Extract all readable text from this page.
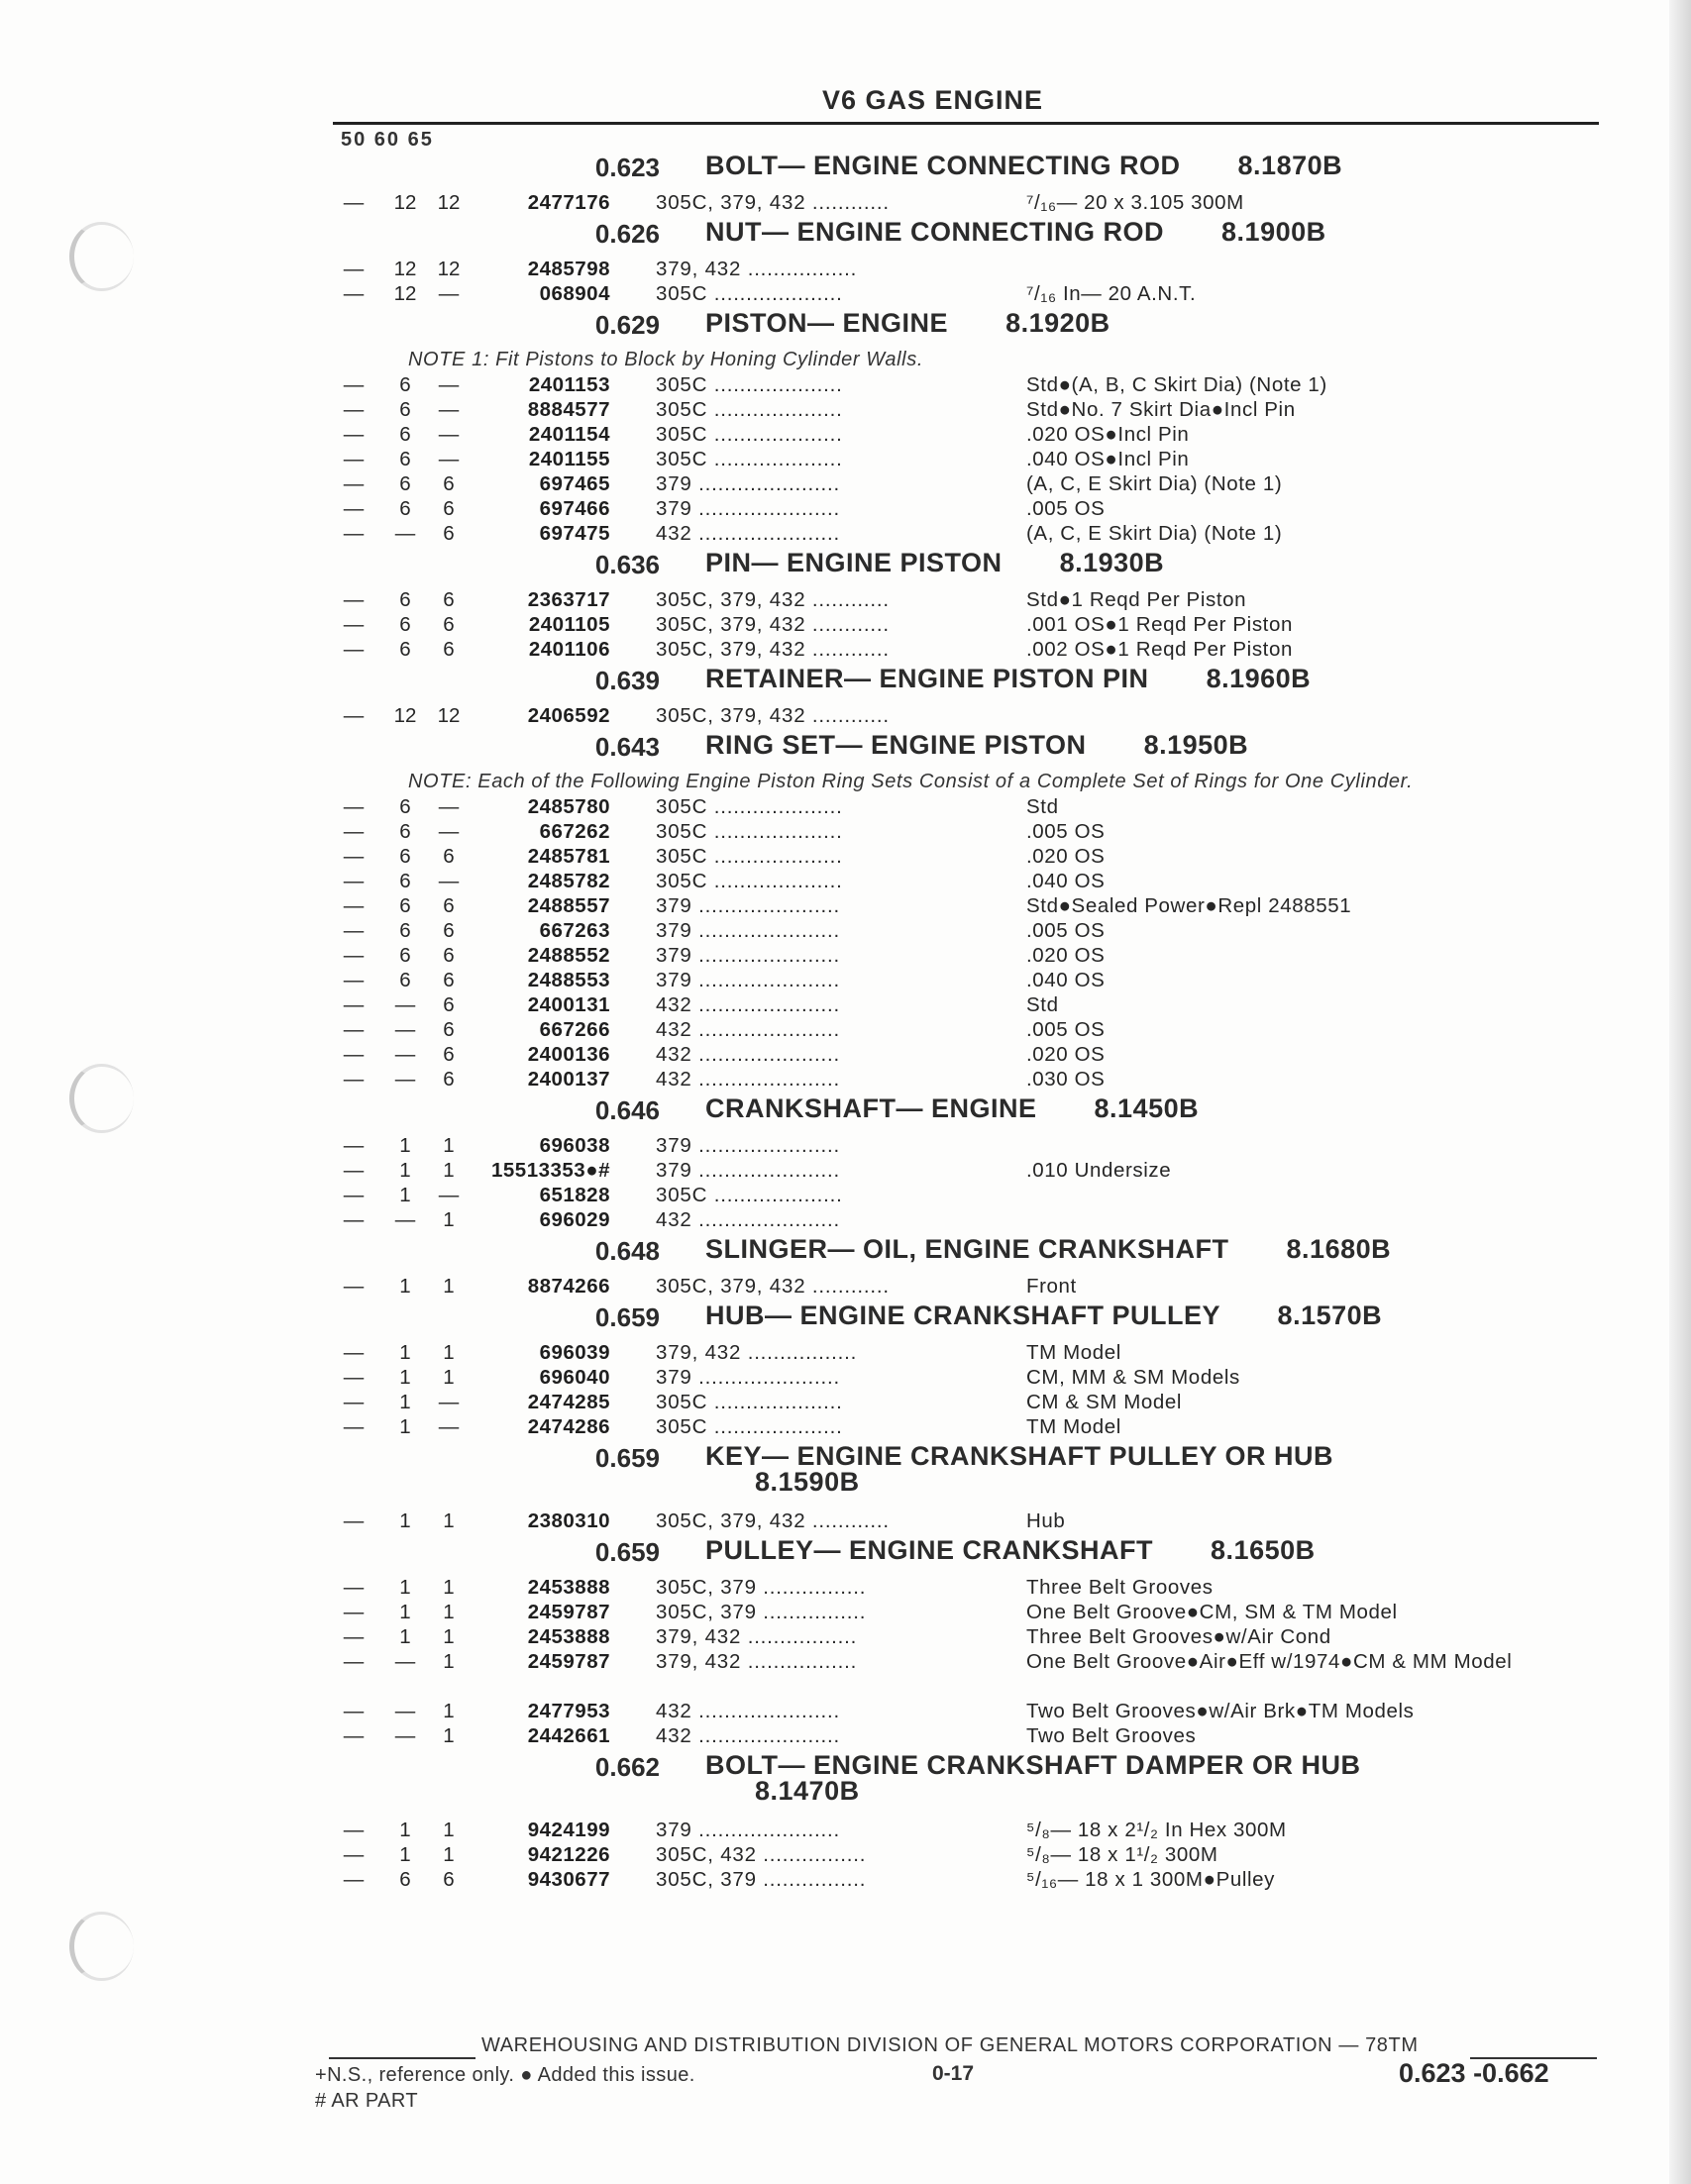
V6 GAS ENGINE
50 60 65
0.623 BOLT— ENGINE CONNECTING ROD 8.1870B
— 12 12	2477176 305C, 379, 432 ............	⁷/₁₆— 20 x 3.105 300M
0.626 NUT— ENGINE CONNECTING ROD 8.1900B
— 12 12	2485798 379, 432 .................
— 12 —	068904 305C ....................	⁷/₁₆ In— 20 A.N.T.
0.629 PISTON— ENGINE 8.1920B
NOTE 1: Fit Pistons to Block by Honing Cylinder Walls.
—	6	—	2401153 305C ....................	Std●(A, B, C Skirt Dia) (Note 1)
—	6	—	8884577 305C ....................	Std●No. 7 Skirt Dia●Incl Pin
—	6	—	2401154 305C ....................	.020 OS●Incl Pin
—	6	—	2401155 305C ....................	.040 OS●Incl Pin
—	6	6	697465 379 ......................	(A, C, E Skirt Dia) (Note 1)
—	6	6	697466 379 ......................	.005 OS
— —	6	697475 432 ......................	(A, C, E Skirt Dia) (Note 1)
0.636 PIN— ENGINE PISTON 8.1930B
—	6	6	2363717 305C, 379, 432 ............	Std●1 Reqd Per Piston
—	6	6	2401105 305C, 379, 432 ............	.001 OS●1 Reqd Per Piston
—	6	6	2401106 305C, 379, 432 ............	.002 OS●1 Reqd Per Piston
0.639 RETAINER— ENGINE PISTON PIN 8.1960B
— 12 12	2406592 305C, 379, 432 ............
0.643 RING SET— ENGINE PISTON 8.1950B
NOTE: Each of the Following Engine Piston Ring Sets Consist of a Complete Set of Rings for One Cylinder.
—	6	—	2485780 305C ....................	Std
—	6	—	667262 305C ....................	.005 OS
—	6	6	2485781 305C ....................	.020 OS
—	6	—	2485782 305C ....................	.040 OS
—	6	6	2488557 379 ......................	Std●Sealed Power●Repl 2488551
—	6	6	667263 379 ......................	.005 OS
—	6	6	2488552 379 ......................	.020 OS
—	6	6	2488553 379 ......................	.040 OS
— —	6	2400131 432 ......................	Std
— —	6	667266 432 ......................	.005 OS
— —	6	2400136 432 ......................	.020 OS
— —	6	2400137 432 ......................	.030 OS
0.646 CRANKSHAFT— ENGINE 8.1450B
—	1	1	696038 379 ......................
—	1	1	15513353●# 379 ......................	.010 Undersize
—	1	—	651828 305C ....................
— —	1	696029 432 ......................
0.648 SLINGER— OIL, ENGINE CRANKSHAFT 8.1680B
—	1	1	8874266 305C, 379, 432 ............	Front
0.659 HUB— ENGINE CRANKSHAFT PULLEY 8.1570B
—	1	1	696039 379, 432 .................	TM Model
—	1	1	696040 379 ......................	CM, MM & SM Models
—	1	—	2474285 305C ....................	CM & SM Model
—	1	—	2474286 305C ....................	TM Model
0.659 KEY— ENGINE CRANKSHAFT PULLEY OR HUB 8.1590B
—	1	1	2380310 305C, 379, 432 ............	Hub
0.659 PULLEY— ENGINE CRANKSHAFT 8.1650B
—	1	1	2453888 305C, 379 ................	Three Belt Grooves
—	1	1	2459787 305C, 379 ................	One Belt Groove●CM, SM & TM Model
—	1	1	2453888 379, 432 .................	Three Belt Grooves●w/Air Cond
— —	1	2459787 379, 432 .................	One Belt Groove●Air●Eff w/1974●CM & MM Model
— —	1	2477953 432 ......................	Two Belt Grooves●w/Air Brk●TM Models
— —	1	2442661 432 ......................	Two Belt Grooves
0.662 BOLT— ENGINE CRANKSHAFT DAMPER OR HUB 8.1470B
—	1	1	9424199 379 ......................	⁵/₈— 18 x 2¹/₂ In Hex 300M
—	1	1	9421226 305C, 432 ................	⁵/₈— 18 x 1¹/₂ 300M
—	6	6	9430677 305C, 379 ................	⁵/₁₆— 18 x 1 300M●Pulley
WAREHOUSING AND DISTRIBUTION DIVISION OF GENERAL MOTORS CORPORATION — 78TM
+N.S., reference only. ● Added this issue.
# AR PART
0-17	0.623 -0.662
